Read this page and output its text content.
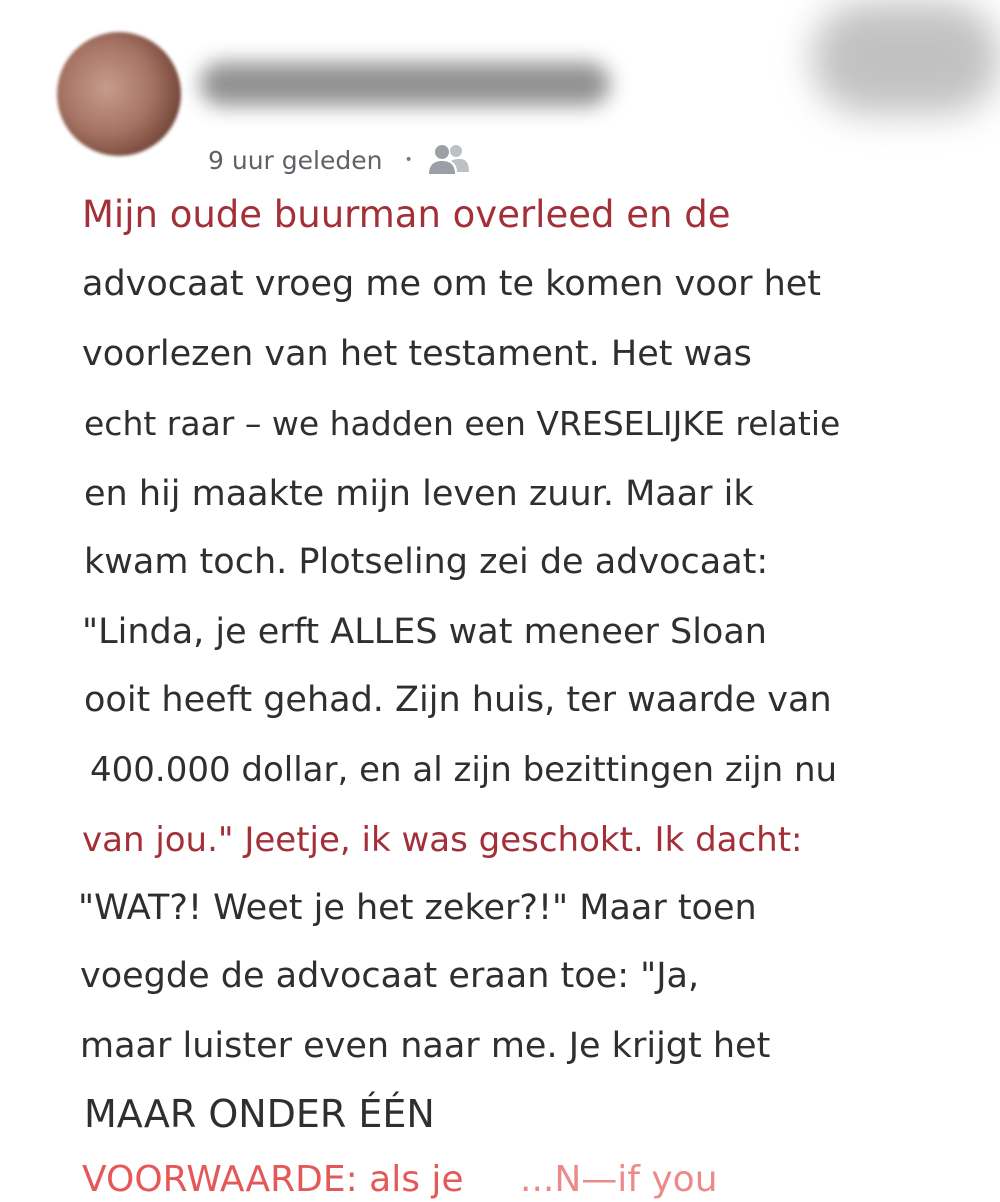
9 uur geleden •
Mijn oude buurman overleed en de
advocaat vroeg me om te komen voor het
voorlezen van het testament. Het was
echt raar – we hadden een VRESELIJKE relatie
en hij maakte mijn leven zuur. Maar ik
kwam toch. Plotseling zei de advocaat:
"Linda, je erft ALLES wat meneer Sloan
ooit heeft gehad. Zijn huis, ter waarde van
400.000 dollar, en al zijn bezittingen zijn nu
van jou." Jeetje, ik was geschokt. Ik dacht:
"WAT?! Weet je het zeker?!" Maar toen
voegde de advocaat eraan toe: "Ja,
maar luister even naar me. Je krijgt het
MAAR ONDER ÉÉN
VOORWAARDE: als je ...N—if you
